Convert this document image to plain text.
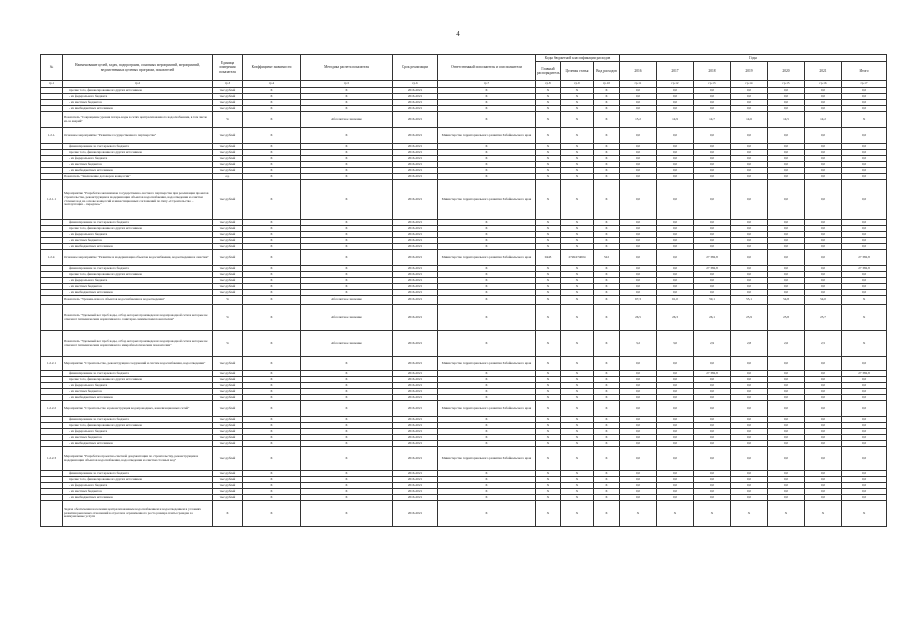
4
№	Наименование целей, задач, подпрограмм, основных мероприятий, мероприятий, ведомственных целевых программ, показателей	Единица измерения показателя	Коэффициент значимости	Методика расчета показателя	Срок реализации	Ответственный исполнитель и соисполнители	Коды бюджетной классификации расходов			Годы						
							Главный распорядитель	Целевая статья	Вид расходов	2016	2017	2018	2019	2020	2021	Итого

гр.1	гр.2	гр.3	гр.4	гр.5	гр.6	гр.7	гр.8	гр.9	гр.10	гр.11	гр.12	гр.13	гр.14	гр.15	гр.16	гр.17
	прочие того, финансирование из других источников	тыс.рублей	Х	Х	2016-2021	Х	Х	Х	Х	0,0	0,0	0,0	0,0	0,0	0,0	0,0
	- из федерального бюджета	тыс.рублей	Х	Х	2016-2021	Х	Х	Х	Х	0,0	0,0	0,0	0,0	0,0	0,0	0,0
	- из местных бюджетов	тыс.рублей	Х	Х	2016-2021	Х	Х	Х	Х	0,0	0,0	0,0	0,0	0,0	0,0	0,0
	- из внебюджетных источников	тыс.рублей	Х	Х	2016-2021	Х	Х	Х	Х	0,0	0,0	0,0	0,0	0,0	0,0	0,0
	Показатель "Сокращение уровня потерь воды в сетях централизованного водоснабжения, в том числе из-за аварий"	%	Х	Абсолютное значение	2016-2021	Х	Х	Х	Х	15,2	14,9	14,7	14,6	14,5	14,2	Х
1.2.1.	Основное мероприятие "Развитие государственного партнерства"	тыс.рублей	Х	Х	2016-2021	Министерство территориального развития Забайкальского края	Х	Х	Х	0,0	0,0	0,0	0,0	0,0	0,0	0,0
	финансирование за счет краевого бюджета	тыс.рублей	Х	Х	2016-2021	Х	Х	Х	Х	0,0	0,0	0,0	0,0	0,0	0,0	0,0
	прочие того, финансирование из других источников	тыс.рублей	Х	Х	2016-2021	Х	Х	Х	Х	0,0	0,0	0,0	0,0	0,0	0,0	0,0
	- из федерального бюджета	тыс.рублей	Х	Х	2016-2021	Х	Х	Х	Х	0,0	0,0	0,0	0,0	0,0	0,0	0,0
	- из местных бюджетов	тыс.рублей	Х	Х	2016-2021	Х	Х	Х	Х	0,0	0,0	0,0	0,0	0,0	0,0	0,0
	- из внебюджетных источников	тыс.рублей	Х	Х	2016-2021	Х	Х	Х	Х	0,0	0,0	0,0	0,0	0,0	0,0	0,0
	Показатель "Заключение договоров концессии"	ед.	Х	Х	2016-2021	Х	Х	Х	Х	0,0	0,0	0,0	0,0	0,0	0,0	0,0
1.2.1.1	Мероприятие "Разработка механизмов государственно-частного партнерства при реализации проектов строительства, реконструкции и модернизации объектов водоснабжения, водоотведения и очистки сточных вод на основе концессий и инвестиционных соглашений по типу «Строительство – эксплуатация – передача»"	тыс.рублей	Х	Х	2016-2021	Министерство территориального развития Забайкальского края	Х	Х	Х	0,0	0,0	0,0	0,0	0,0	0,0	0,0
	финансирование за счет краевого бюджета	тыс.рублей	Х	Х	2016-2021	Х	Х	Х	Х	0,0	0,0	0,0	0,0	0,0	0,0	0,0
	прочие того, финансирование из других источников	тыс.рублей	Х	Х	2016-2021	Х	Х	Х	Х	0,0	0,0	0,0	0,0	0,0	0,0	0,0
	- из федерального бюджета	тыс.рублей	Х	Х	2016-2021	Х	Х	Х	Х	0,0	0,0	0,0	0,0	0,0	0,0	0,0
	- из местных бюджетов	тыс.рублей	Х	Х	2016-2021	Х	Х	Х	Х	0,0	0,0	0,0	0,0	0,0	0,0	0,0
	- из внебюджетных источников	тыс.рублей	Х	Х	2016-2021	Х	Х	Х	Х	0,0	0,0	0,0	0,0	0,0	0,0	0,0
1.2.2.	Основное мероприятие "Развитие и модернизация объектов водоснабжения, водоотведения и очистки"	тыс.рублей	Х	Х	2016-2021	Министерство территориального развития Забайкальского края	0443	272К274004	522	0,0	0,0	27 382,8	0,0	0,0	0,0	27 382,8
	финансирование за счет краевого бюджета	тыс.рублей	Х	Х	2016-2021	Х	Х	Х	Х	0,0	0,0	27 382,8	0,0	0,0	0,0	27 382,8
	прочие того, финансирование из других источников	тыс.рублей	Х	Х	2016-2021	Х	Х	Х	Х	0,0	0,0	0,0	0,0	0,0	0,0	0,0
	- из федерального бюджета	тыс.рублей	Х	Х	2016-2021	Х	Х	Х	Х	0,0	0,0	0,0	0,0	0,0	0,0	0,0
	- из местных бюджетов	тыс.рублей	Х	Х	2016-2021	Х	Х	Х	Х	0,0	0,0	0,0	0,0	0,0	0,0	0,0
	- из внебюджетных источников	тыс.рублей	Х	Х	2016-2021	Х	Х	Х	Х	0,0	0,0	0,0	0,0	0,0	0,0	0,0
	Показатель "Уровень износа объектов водоснабжения и водоотведения"	%	Х	Абсолютное значение	2016-2021	Х	Х	Х	Х	67,3	61,0	59,1	55,1	54,8	54,0	Х
	Показатель "Удельный вес проб воды, отбор которых произведен из водопроводной сети и которые не отвечают гигиеническим нормативам по санитарно-химическим показателям"	%	Х	Абсолютное значение	2016-2021	Х	Х	Х	Х	26,5	26,3	26,1	25,9	25,8	25,7	Х
	Показатель "Удельный вес проб воды, отбор которых произведен из водопроводной сети и которые не отвечают гигиеническим нормативам по микробиологическим показателям"	%	Х	Абсолютное значение	2016-2021	Х	Х	Х	Х	3,2	3,0	2,9	2,8	2,6	2,5	Х
1.2.2.1	Мероприятие "Строительство, реконструкция сооружений и систем водоснабжения, водоотведения"	тыс.рублей	Х	Х	2016-2021	Министерство территориального развития Забайкальского края	Х	Х	Х	0,0	0,0	0,0	0,0	0,0	0,0	0,0
	финансирование за счет краевого бюджета	тыс.рублей	Х	Х	2016-2021	Х	Х	Х	Х	0,0	0,0	27 382,8	0,0	0,0	0,0	27 382,8
	прочие того, финансирование из других источников	тыс.рублей	Х	Х	2016-2021	Х	Х	Х	Х	0,0	0,0	0,0	0,0	0,0	0,0	0,0
	- из федерального бюджета	тыс.рублей	Х	Х	2016-2021	Х	Х	Х	Х	0,0	0,0	0,0	0,0	0,0	0,0	0,0
	- из местных бюджетов	тыс.рублей	Х	Х	2016-2021	Х	Х	Х	Х	0,0	0,0	0,0	0,0	0,0	0,0	0,0
	- из внебюджетных источников	тыс.рублей	Х	Х	2016-2021	Х	Х	Х	Х	0,0	0,0	0,0	0,0	0,0	0,0	0,0
1.2.2.2	Мероприятие "Строительство и реконструкция водопроводных, канализационных сетей"	тыс.рублей	Х	Х	2016-2021	Министерство территориального развития Забайкальского края	Х	Х	Х	0,0	0,0	0,0	0,0	0,0	0,0	0,0
	финансирование за счет краевого бюджета	тыс.рублей	Х	Х	2016-2021	Х	Х	Х	Х	0,0	0,0	0,0	0,0	0,0	0,0	0,0
	прочие того, финансирование из других источников	тыс.рублей	Х	Х	2016-2021	Х	Х	Х	Х	0,0	0,0	0,0	0,0	0,0	0,0	0,0
	- из федерального бюджета	тыс.рублей	Х	Х	2016-2021	Х	Х	Х	Х	0,0	0,0	0,0	0,0	0,0	0,0	0,0
	- из местных бюджетов	тыс.рублей	Х	Х	2016-2021	Х	Х	Х	Х	0,0	0,0	0,0	0,0	0,0	0,0	0,0
	- из внебюджетных источников	тыс.рублей	Х	Х	2016-2021	Х	Х	Х	Х	0,0	0,0	0,0	0,0	0,0	0,0	0,0
1.2.2.3	Мероприятие "Разработка проектно-сметной документации по строительству, реконструкции и модернизации объектов водоснабжения, водоотведения и очистки сточных вод"	тыс.рублей	Х	Х	2016-2021	Министерство территориального развития Забайкальского края	Х	Х	Х	0,0	0,0	0,0	0,0	0,0	0,0	0,0
	финансирование за счет краевого бюджета	тыс.рублей	Х	Х	2016-2021	Х	Х	Х	Х	0,0	0,0	0,0	0,0	0,0	0,0	0,0
	прочие того, финансирование из других источников	тыс.рублей	Х	Х	2016-2021	Х	Х	Х	Х	0,0	0,0	0,0	0,0	0,0	0,0	0,0
	- из федерального бюджета	тыс.рублей	Х	Х	2016-2021	Х	Х	Х	Х	0,0	0,0	0,0	0,0	0,0	0,0	0,0
	- из местных бюджетов	тыс.рублей	Х	Х	2016-2021	Х	Х	Х	Х	0,0	0,0	0,0	0,0	0,0	0,0	0,0
	- из внебюджетных источников	тыс.рублей	Х	Х	2016-2021	Х	Х	Х	Х	0,0	0,0	0,0	0,0	0,0	0,0	0,0
	Задача обеспечения населения централизованным водоснабжением и водоотведением в условиях развития рыночных отношений в отрасли и ограниченного роста размера платы граждан за коммунальные услуги	Х	Х	Х	2016-2021	Х	Х	Х	Х	Х	Х	Х	Х	Х	Х	Х
